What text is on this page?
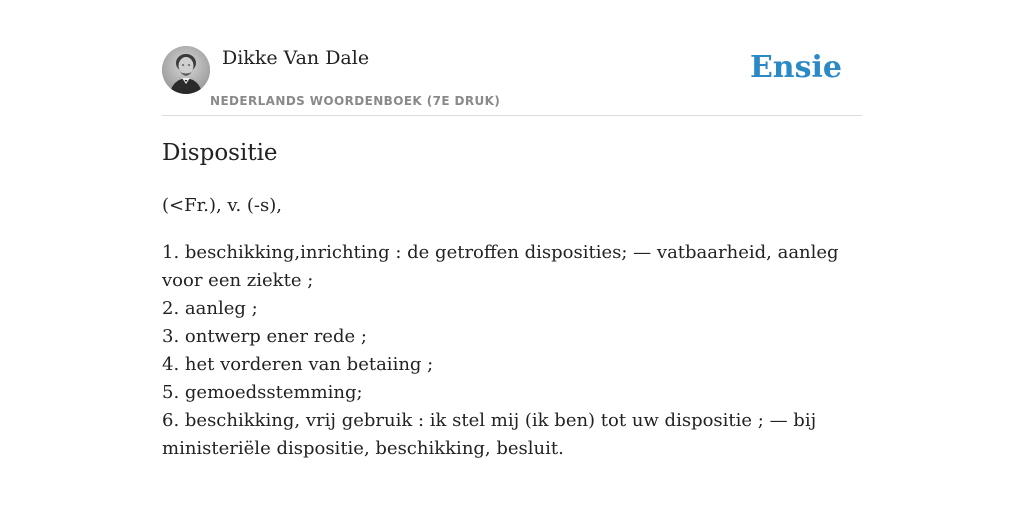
Dikke Van Dale
NEDERLANDS WOORDENBOEK (7E DRUK)
Ensie
Dispositie
(<Fr.), v. (-s),
1. beschikking,inrichting : de getroffen disposities; — vatbaarheid, aanleg voor een ziekte ;
2. aanleg ;
3. ontwerp ener rede ;
4. het vorderen van betaiing ;
5. gemoedsstemming;
6. beschikking, vrij gebruik : ik stel mij (ik ben) tot uw dispositie ; — bij ministeriële dispositie, beschikking, besluit.
